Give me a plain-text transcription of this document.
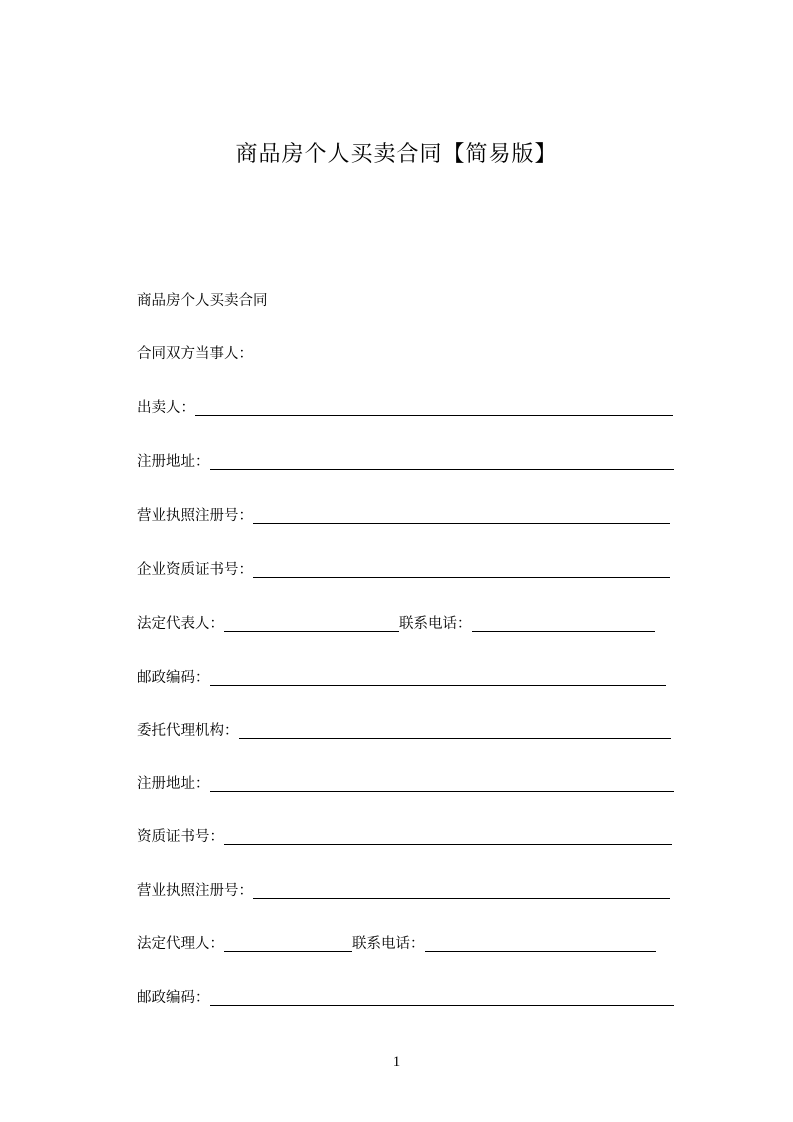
商品房个人买卖合同【简易版】
商品房个人买卖合同
合同双方当事人：
出卖人：
注册地址：
营业执照注册号：
企业资质证书号：
法定代表人：	联系电话：
邮政编码：
委托代理机构：
注册地址：
资质证书号：
营业执照注册号：
法定代理人：	联系电话：
邮政编码：
1
